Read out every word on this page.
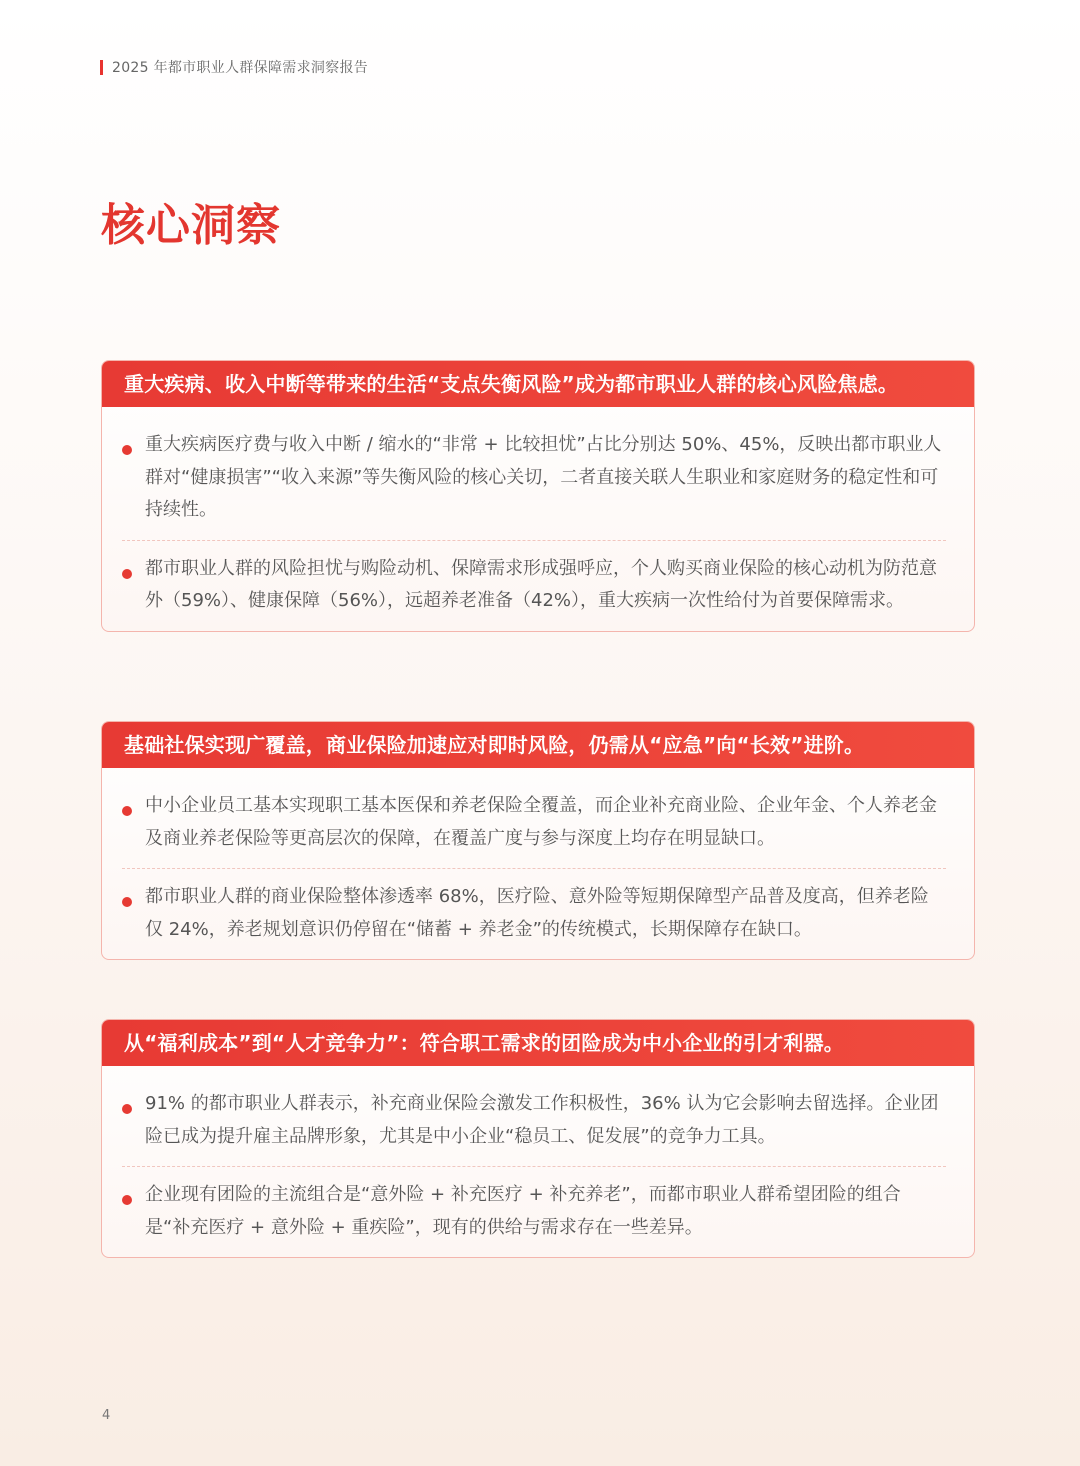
2025 年都市职业人群保障需求洞察报告
核心洞察
重大疾病、收入中断等带来的生活“支点失衡风险”成为都市职业人群的核心风险焦虑。
重大疾病医疗费与收入中断 / 缩水的“非常 + 比较担忧”占比分别达 50%、45%，反映出都市职业人群对“健康损害”“收入来源”等失衡风险的核心关切，二者直接关联人生职业和家庭财务的稳定性和可持续性。
都市职业人群的风险担忧与购险动机、保障需求形成强呼应，个人购买商业保险的核心动机为防范意外（59%）、健康保障（56%），远超养老准备（42%），重大疾病一次性给付为首要保障需求。
基础社保实现广覆盖，商业保险加速应对即时风险，仍需从“应急”向“长效”进阶。
中小企业员工基本实现职工基本医保和养老保险全覆盖，而企业补充商业险、企业年金、个人养老金及商业养老保险等更高层次的保障，在覆盖广度与参与深度上均存在明显缺口。
都市职业人群的商业保险整体渗透率 68%，医疗险、意外险等短期保障型产品普及度高，但养老险仅 24%，养老规划意识仍停留在“储蓄 + 养老金”的传统模式，长期保障存在缺口。
从“福利成本”到“人才竞争力”：符合职工需求的团险成为中小企业的引才利器。
91% 的都市职业人群表示，补充商业保险会激发工作积极性，36% 认为它会影响去留选择。企业团险已成为提升雇主品牌形象，尤其是中小企业“稳员工、促发展”的竞争力工具。
企业现有团险的主流组合是“意外险 + 补充医疗 + 补充养老”，而都市职业人群希望团险的组合是“补充医疗 + 意外险 + 重疾险”，现有的供给与需求存在一些差异。
4
